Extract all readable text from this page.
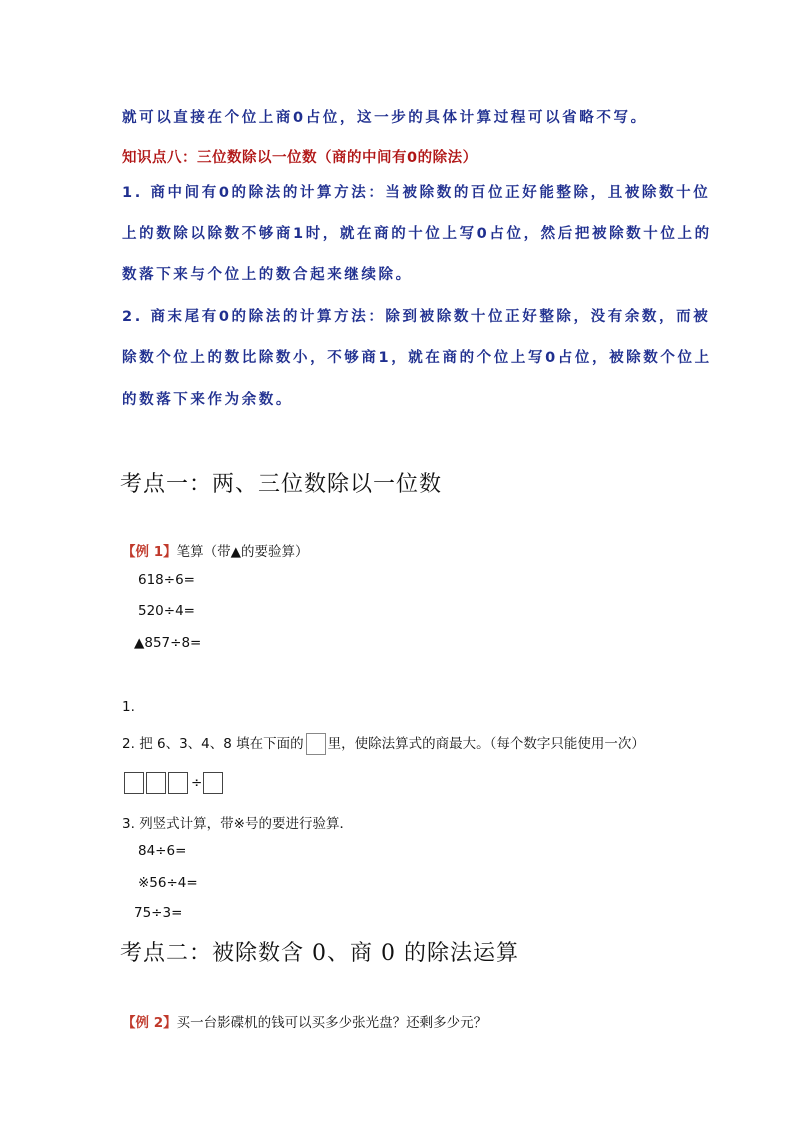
就可以直接在个位上商0占位，这一步的具体计算过程可以省略不写。
知识点八：三位数除以一位数（商的中间有0的除法）
1. 商中间有0的除法的计算方法：当被除数的百位正好能整除，且被除数十位
上的数除以除数不够商1时，就在商的十位上写0占位，然后把被除数十位上的
数落下来与个位上的数合起来继续除。
2. 商末尾有0的除法的计算方法：除到被除数十位正好整除，没有余数，而被
除数个位上的数比除数小，不够商1，就在商的个位上写0占位，被除数个位上
的数落下来作为余数。
考点一：两、三位数除以一位数
【例 1】笔算（带▲的要验算）
618÷6=
520÷4=
▲857÷8=
1.
2. 把 6、3、4、8 填在下面的 里，使除法算式的商最大。（每个数字只能使用一次）
÷
3. 列竖式计算，带※号的要进行验算．
84÷6=
※56÷4=
75÷3=
考点二：被除数含 0、商 0 的除法运算
【例 2】买一台影碟机的钱可以买多少张光盘？还剩多少元？
